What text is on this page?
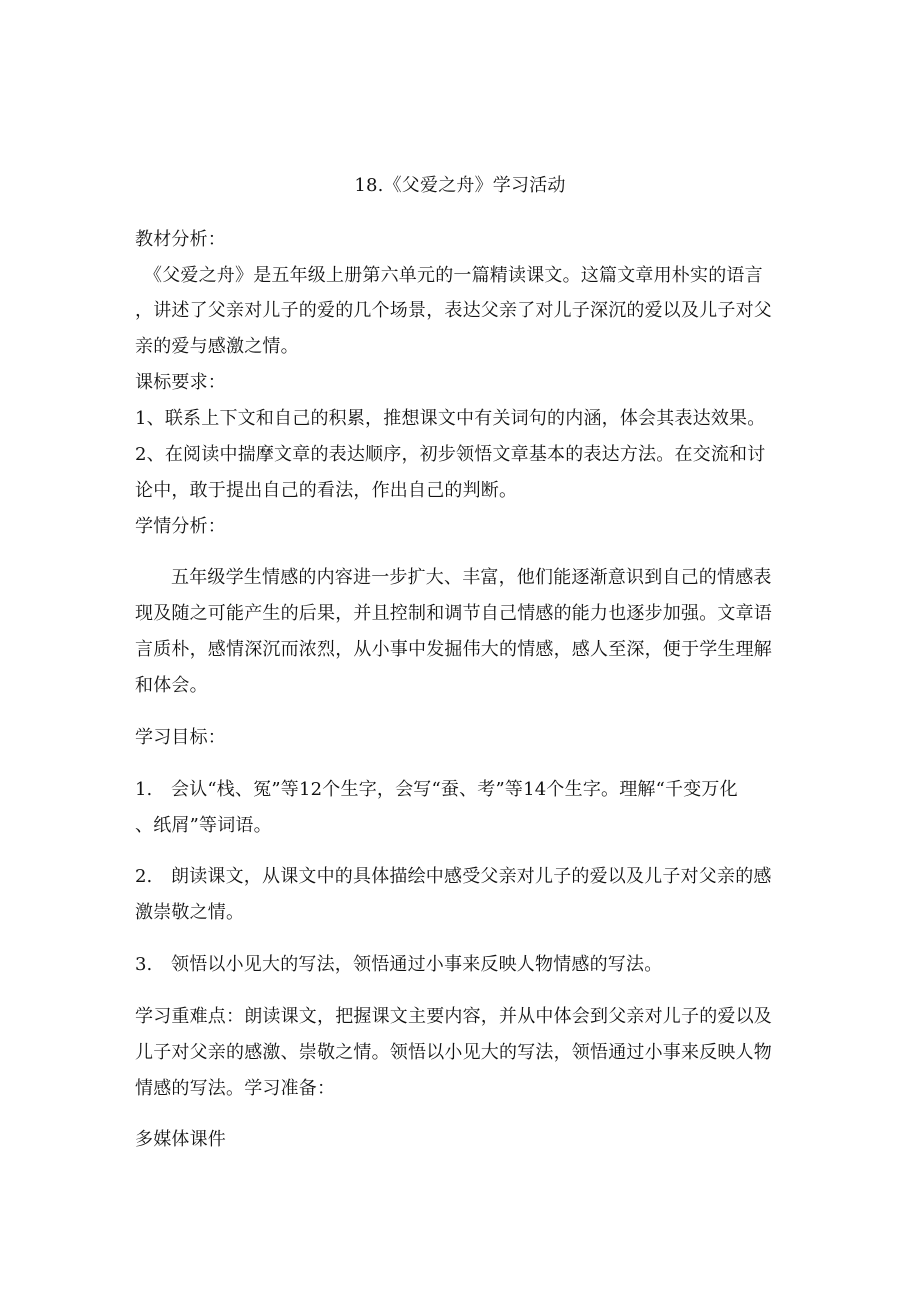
18.《父爱之舟》学习活动
教材分析：
《父爱之舟》是五年级上册第六单元的一篇精读课文。这篇文章用朴实的语言
，讲述了父亲对儿子的爱的几个场景，表达父亲了对儿子深沉的爱以及儿子对父
亲的爱与感激之情。
课标要求：
1、联系上下文和自己的积累，推想课文中有关词句的内涵，体会其表达效果。
2、在阅读中揣摩文章的表达顺序，初步领悟文章基本的表达方法。在交流和讨
论中，敢于提出自己的看法，作出自己的判断。
学情分析：
五年级学生情感的内容进一步扩大、丰富，他们能逐渐意识到自己的情感表
现及随之可能产生的后果，并且控制和调节自己情感的能力也逐步加强。文章语
言质朴，感情深沉而浓烈，从小事中发掘伟大的情感，感人至深，便于学生理解
和体会。
学习目标：
1. 会认“栈、冤”等12个生字，会写“蚕、考”等14个生字。理解“千变万化
、纸屑”等词语。
2. 朗读课文，从课文中的具体描绘中感受父亲对儿子的爱以及儿子对父亲的感
激崇敬之情。
3. 领悟以小见大的写法，领悟通过小事来反映人物情感的写法。
学习重难点：朗读课文，把握课文主要内容，并从中体会到父亲对儿子的爱以及
儿子对父亲的感激、崇敬之情。领悟以小见大的写法，领悟通过小事来反映人物
情感的写法。学习准备：
多媒体课件
